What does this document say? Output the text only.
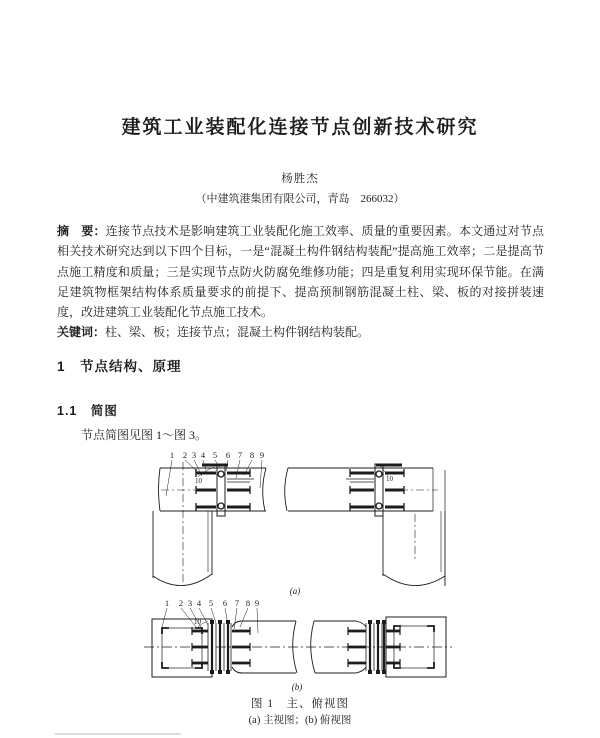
建筑工业装配化连接节点创新技术研究
杨胜杰
（中建筑港集团有限公司，青岛　266032）

摘　要：连接节点技术是影响建筑工业装配化施工效率、质量的重要因素。本文通过对节点相关技术研究达到以下四个目标，一是“混凝土构件钢结构装配”提高施工效率；二是提高节点施工精度和质量；三是实现节点防火防腐免维修功能；四是重复利用实现环保节能。在满足建筑物框架结构体系质量要求的前提下、提高预制钢筋混凝土柱、梁、板的对接拼装速度，改进建筑工业装配化节点施工技术。

关键词：柱、梁、板；连接节点；混凝土构件钢结构装配。

1　节点结构、原理
1.1　简图
节点简图见图 1～图 3。
1 2 3 4 5 6 7 8 9
10	10
(a)
1 2 3 4 5 6 7 8 9
10
(b)
图 1　主、俯视图
(a) 主视图；(b) 俯视图
